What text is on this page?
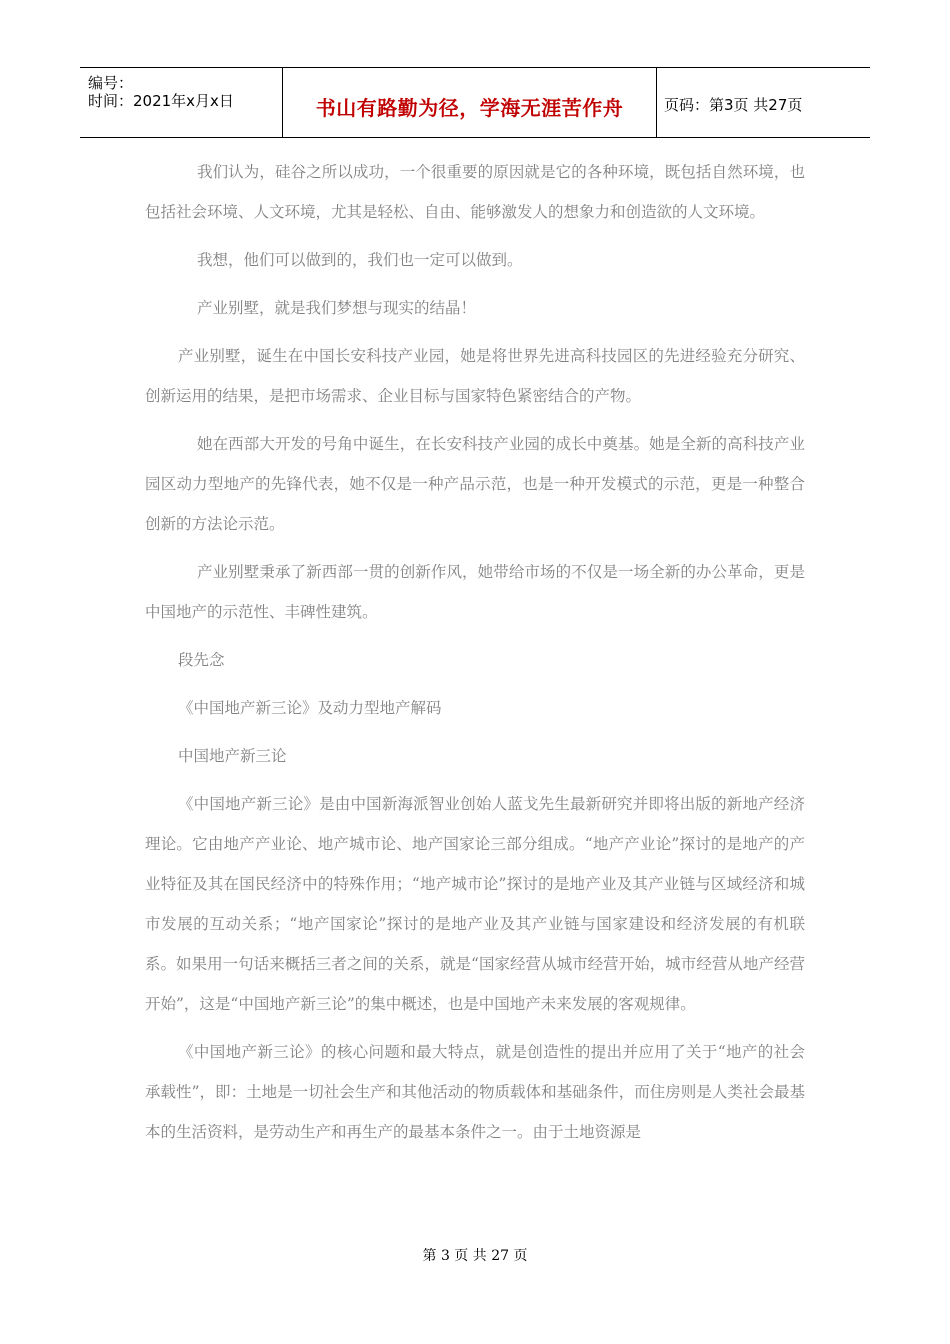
编号：
时间：2021年x月x日	书山有路勤为径，学海无涯苦作舟	页码：第3页 共27页

我们认为，硅谷之所以成功，一个很重要的原因就是它的各种环境，既包括自然环境，也包括社会环境、人文环境，尤其是轻松、自由、能够激发人的想象力和创造欲的人文环境。

我想，他们可以做到的，我们也一定可以做到。

产业别墅，就是我们梦想与现实的结晶！

产业别墅，诞生在中国长安科技产业园，她是将世界先进高科技园区的先进经验充分研究、创新运用的结果，是把市场需求、企业目标与国家特色紧密结合的产物。

她在西部大开发的号角中诞生，在长安科技产业园的成长中奠基。她是全新的高科技产业园区动力型地产的先锋代表，她不仅是一种产品示范，也是一种开发模式的示范，更是一种整合创新的方法论示范。

产业别墅秉承了新西部一贯的创新作风，她带给市场的不仅是一场全新的办公革命，更是中国地产的示范性、丰碑性建筑。

段先念

《中国地产新三论》及动力型地产解码

中国地产新三论

《中国地产新三论》是由中国新海派智业创始人蓝戈先生最新研究并即将出版的新地产经济理论。它由地产产业论、地产城市论、地产国家论三部分组成。“地产产业论”探讨的是地产的产业特征及其在国民经济中的特殊作用；“地产城市论”探讨的是地产业及其产业链与区域经济和城市发展的互动关系；“地产国家论”探讨的是地产业及其产业链与国家建设和经济发展的有机联系。如果用一句话来概括三者之间的关系，就是“国家经营从城市经营开始，城市经营从地产经营开始”，这是“中国地产新三论”的集中概述，也是中国地产未来发展的客观规律。

《中国地产新三论》的核心问题和最大特点，就是创造性的提出并应用了关于“地产的社会承载性”，即：土地是一切社会生产和其他活动的物质载体和基础条件，而住房则是人类社会最基本的生活资料，是劳动生产和再生产的最基本条件之一。由于土地资源是

第 3 页 共 27 页
